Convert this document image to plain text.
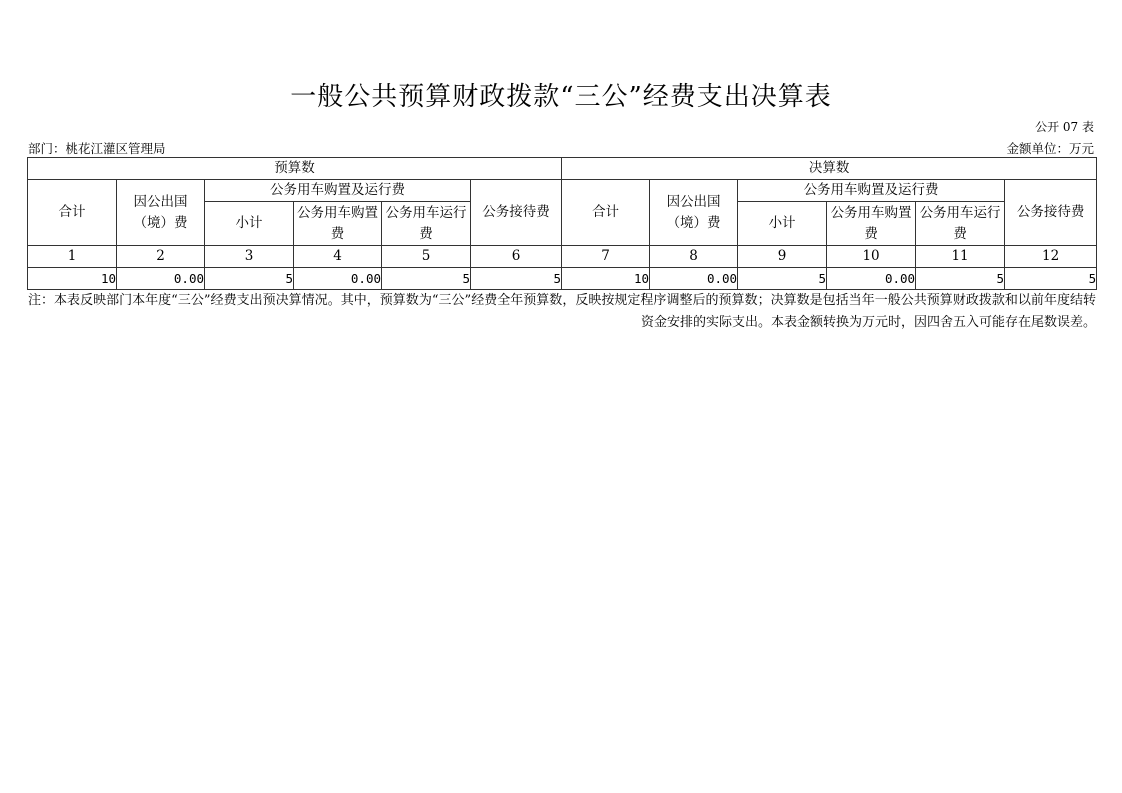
一般公共预算财政拨款“三公”经费支出决算表
公开 07 表
部门：桃花江灌区管理局	金额单位：万元
预算数						决算数					
合计	因公出国（境）费	公务用车购置及运行费			公务接待费	合计	因公出国（境）费	公务用车购置及运行费			公务接待费
		小计	公务用车购置费	公务用车运行费				小计	公务用车购置费	公务用车运行费	
1	2	3	4	5	6	7	8	9	10	11	12
10	0.00	5	0.00	5	5	10	0.00	5	0.00	5	5
注：本表反映部门本年度“三公”经费支出预决算情况。其中，预算数为“三公”经费全年预算数，反映按规定程序调整后的预算数；决算数是包括当年一般公共预算财政拨款和以前年度结转资金安排的实际支出。本表金额转换为万元时，因四舍五入可能存在尾数误差。
